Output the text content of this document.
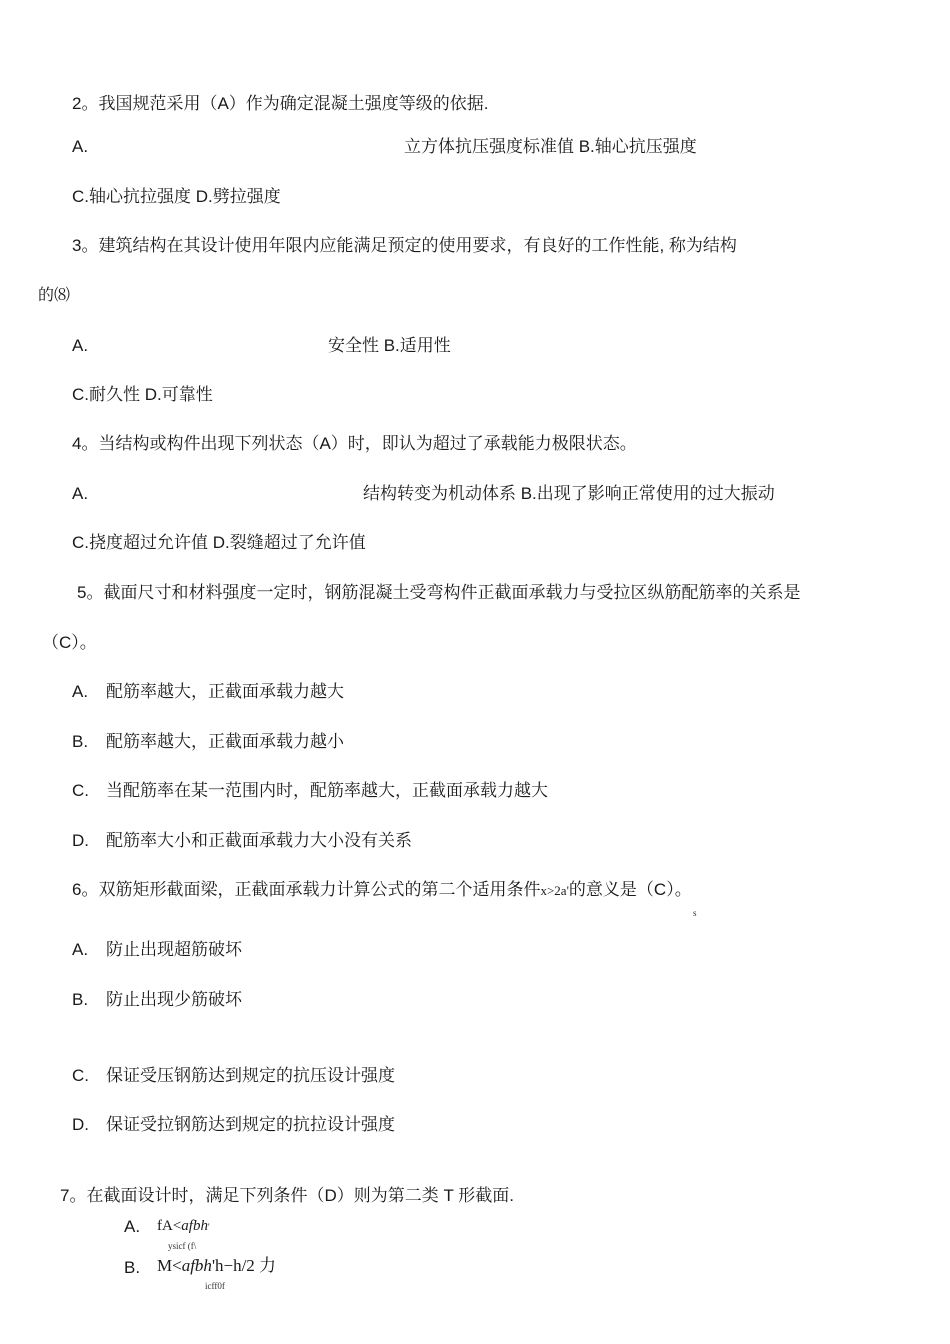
2。我国规范采用（A）作为确定混凝土强度等级的依据.
A.	立方体抗压强度标准值 B.轴心抗压强度
C.轴心抗拉强度 D.劈拉强度
3。建筑结构在其设计使用年限内应能满足预定的使用要求，有良好的工作性能, 称为结构
的⑻
A.	安全性 B.适用性
C.耐久性 D.可靠性
4。当结构或构件出现下列状态（A）时，即认为超过了承载能力极限状态。
A.	结构转变为机动体系 B.出现了影响正常使用的过大振动
C.挠度超过允许值 D.裂缝超过了允许值
5。截面尺寸和材料强度一定时，钢筋混凝土受弯构件正截面承载力与受拉区纵筋配筋率的关系是
（C）。
A. 配筋率越大，正截面承载力越大
B. 配筋率越大，正截面承载力越小
C. 当配筋率在某一范围内时，配筋率越大，正截面承载力越大
D. 配筋率大小和正截面承载力大小没有关系
6。双筋矩形截面梁，正截面承载力计算公式的第二个适用条件x>2a'的意义是（C）。
s
A. 防止出现超筋破坏
B. 防止出现少筋破坏
C. 保证受压钢筋达到规定的抗压设计强度
D. 保证受拉钢筋达到规定的抗拉设计强度
7。在截面设计时，满足下列条件（D）则为第二类 T 形截面.
A. fA<afbh'
ysicf (f\
B. M<afbh'h−h/2 力
icff0f
